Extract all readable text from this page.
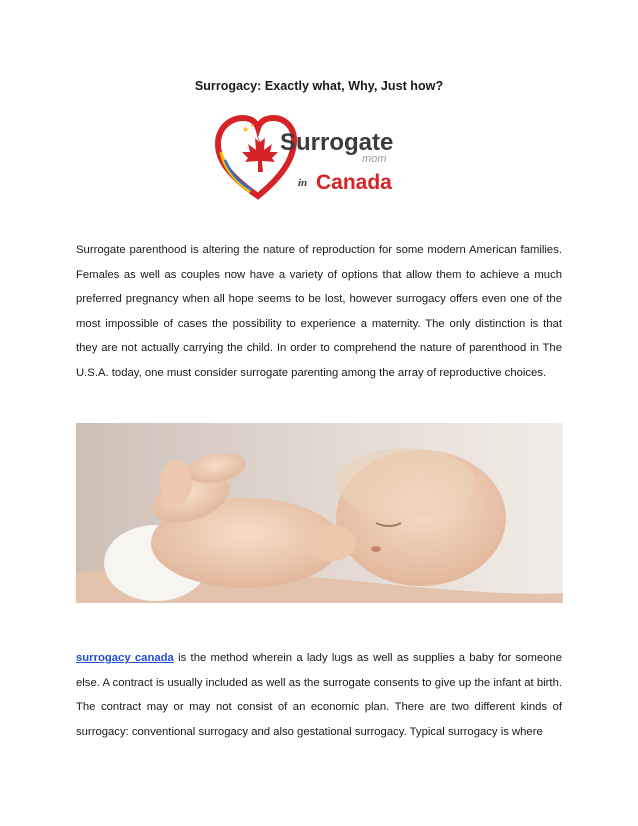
Surrogacy: Exactly what, Why, Just how?
★ ★
Surrogate
mom
in Canada

Surrogate parenthood is altering the nature of reproduction for some modern American families. Females as well as couples now have a variety of options that allow them to achieve a much preferred pregnancy when all hope seems to be lost, however surrogacy offers even one of the most impossible of cases the possibility to experience a maternity. The only distinction is that they are not actually carrying the child. In order to comprehend the nature of parenthood in The U.S.A. today, one must consider surrogate parenting among the array of reproductive choices.

surrogacy canada is the method wherein a lady lugs as well as supplies a baby for someone else. A contract is usually included as well as the surrogate consents to give up the infant at birth. The contract may or may not consist of an economic plan. There are two different kinds of surrogacy: conventional surrogacy and also gestational surrogacy. Typical surrogacy is where
